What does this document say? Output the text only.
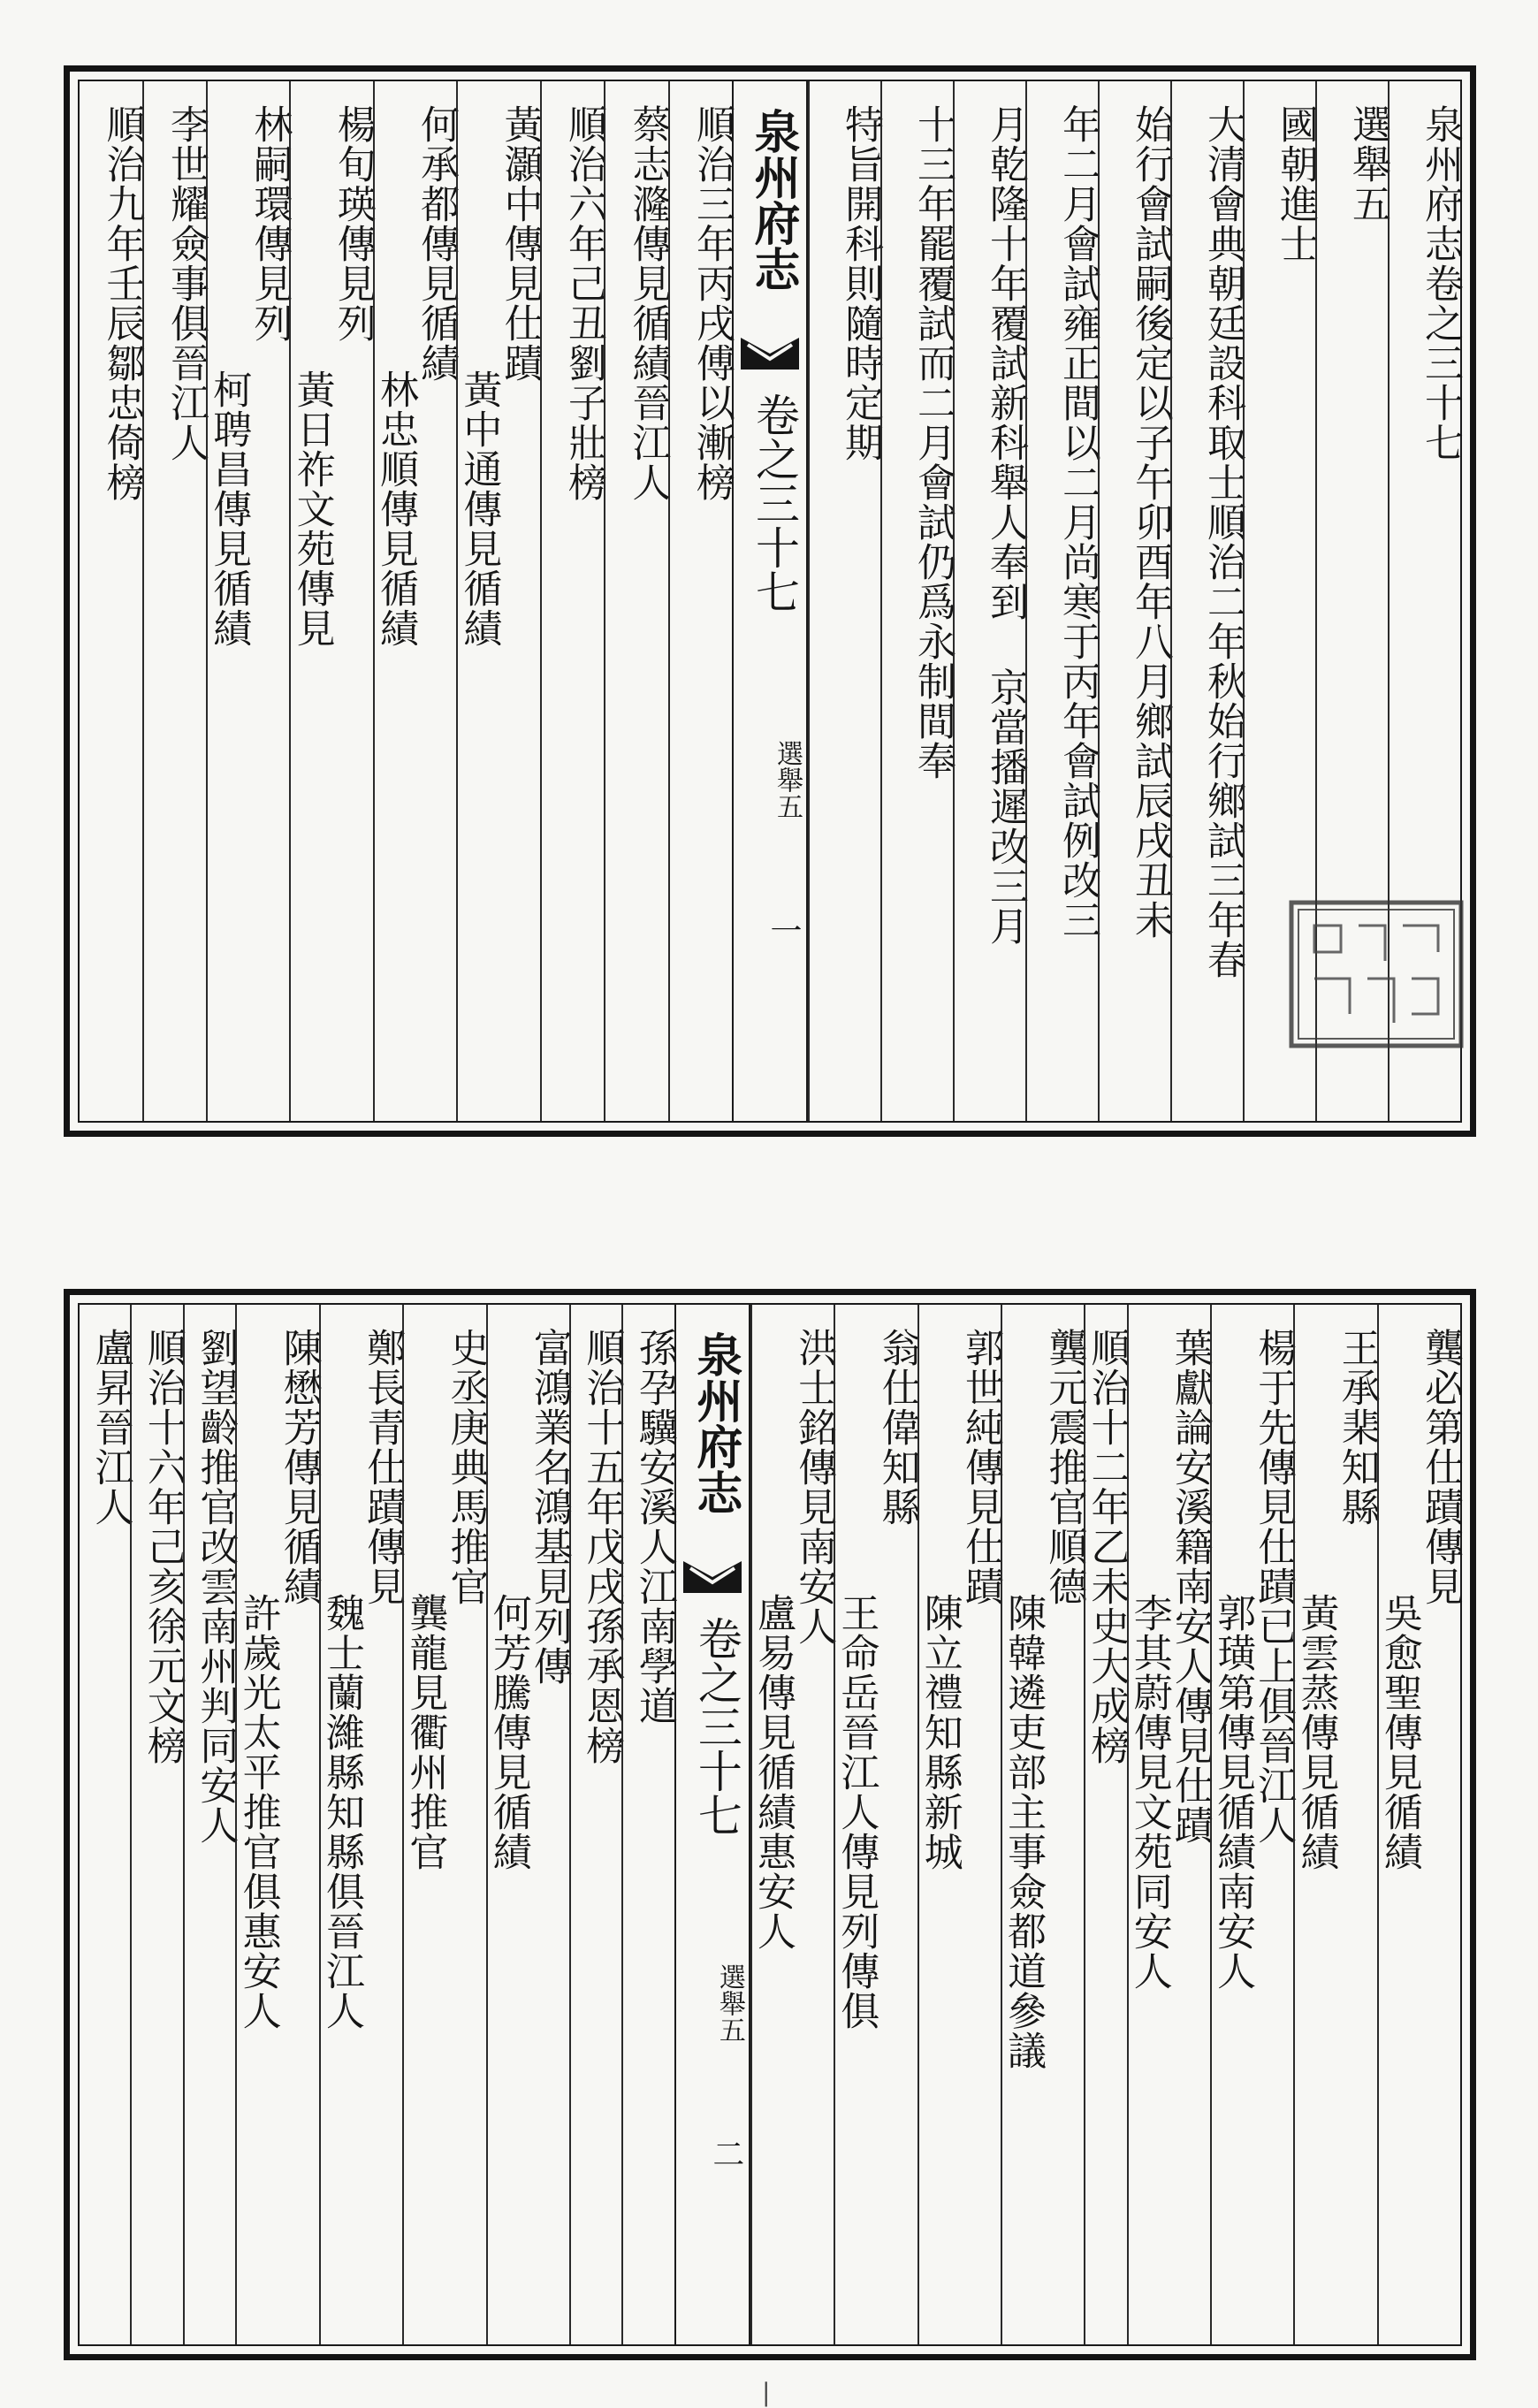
泉州府志卷之三十七
選舉五
國朝進士
大清會典朝廷設科取士順治二年秋始行鄉試三年春
始行會試嗣後定以子午卯酉年八月鄉試辰戌丑未
年二月會試雍正間以二月尚寒于丙年會試例改三
月乾隆十年覆試新科舉人奉到 京當播遲改三月
十三年罷覆試而二月會試仍爲永制間奉
特旨開科則隨時定期
泉州府志
卷之三十七
選舉五
一
順治三年丙戌傅以漸榜
蔡志漋傳見循績晉江人
順治六年己丑劉子壯榜
黃灝中傳見仕蹟
黃中通傳見循績
何承都傳見循績
林忠順傳見循績
楊旬瑛傳見列
黃日祚文苑傳見
林嗣環傳見列
柯聘昌傳見循績
李世耀僉事俱晉江人
順治九年壬辰鄒忠倚榜
龔必第仕蹟傳見
吳愈聖傳見循績
王承棐知縣
黃雲蒸傳見循績
楊于先傳見仕蹟已上俱晉江人
郭璜第傳見循績南安人
葉獻論安溪籍南安人傳見仕蹟
李其蔚傳見文苑同安人
順治十二年乙未史大成榜
龔元震推官順德
陳韓遴吏部主事僉都道參議
郭世純傳見仕蹟
陳立禮知縣新城
翁仕偉知縣
王命岳晉江人傳見列傳俱
洪士銘傳見南安人
盧易傳見循績惠安人
泉州府志
卷之三十七
選舉五
二
孫孕驥安溪人江南學道
順治十五年戊戌孫承恩榜
富鴻業名鴻基見列傳
何芳騰傳見循績
史丞庚典馬推官
龔龍見衢州推官
鄭長青仕蹟傳見
魏士蘭濰縣知縣俱晉江人
陳懋芳傳見循績
許歲光太平推官俱惠安人
劉望齡推官改雲南州判同安人
順治十六年己亥徐元文榜
盧昇晉江人
|
